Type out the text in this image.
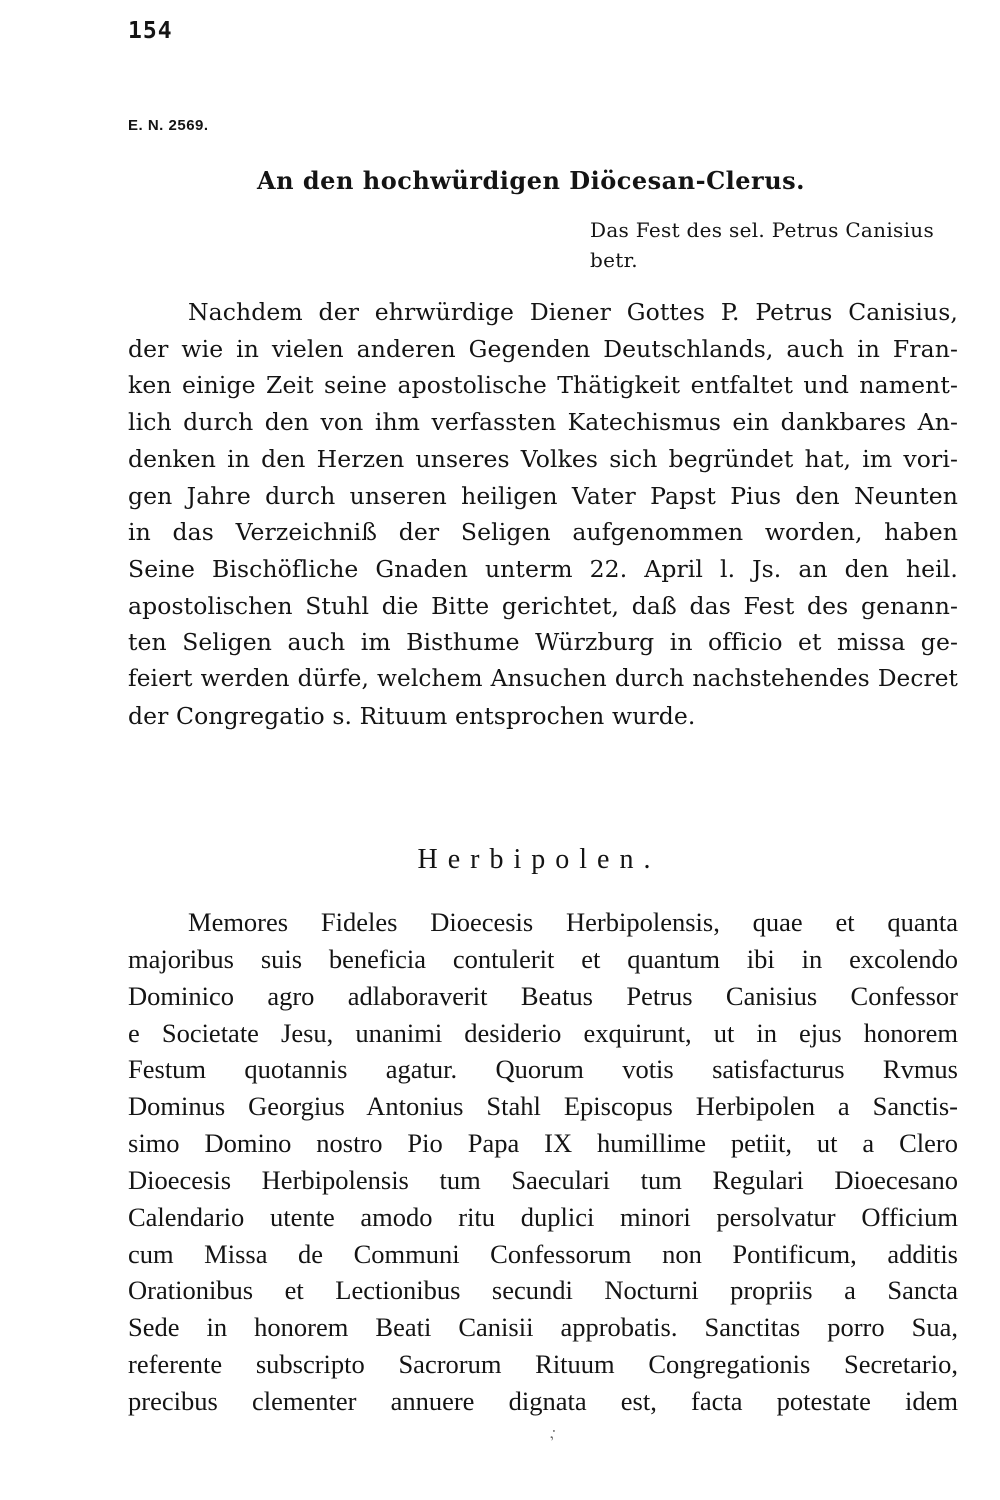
154
E. N. 2569.
An den hochwürdigen Diöcesan-Clerus.
Das Fest des sel. Petrus Canisius
betr.
Nachdem der ehrwürdige Diener Gottes P. Petrus Canisius,
der wie in vielen anderen Gegenden Deutschlands, auch in Fran-
ken einige Zeit seine apostolische Thätigkeit entfaltet und nament-
lich durch den von ihm verfassten Katechismus ein dankbares An-
denken in den Herzen unseres Volkes sich begründet hat, im vori-
gen Jahre durch unseren heiligen Vater Papst Pius den Neunten
in das Verzeichniß der Seligen aufgenommen worden, haben
Seine Bischöfliche Gnaden unterm 22. April l. Js. an den heil.
apostolischen Stuhl die Bitte gerichtet, daß das Fest des genann-
ten Seligen auch im Bisthume Würzburg in officio et missa ge-
feiert werden dürfe, welchem Ansuchen durch nachstehendes Decret
der Congregatio s. Rituum entsprochen wurde.
Herbipolen.
Memores Fideles Dioecesis Herbipolensis, quae et quanta
majoribus suis beneficia contulerit et quantum ibi in excolendo
Dominico agro adlaboraverit Beatus Petrus Canisius Confessor
e Societate Jesu, unanimi desiderio exquirunt, ut in ejus honorem
Festum quotannis agatur. Quorum votis satisfacturus Rvmus
Dominus Georgius Antonius Stahl Episcopus Herbipolen a Sanctis-
simo Domino nostro Pio Papa IX humillime petiit, ut a Clero
Dioecesis Herbipolensis tum Saeculari tum Regulari Dioecesano
Calendario utente amodo ritu duplici minori persolvatur Officium
cum Missa de Communi Confessorum non Pontificum, additis
Orationibus et Lectionibus secundi Nocturni propriis a Sancta
Sede in honorem Beati Canisii approbatis. Sanctitas porro Sua,
referente subscripto Sacrorum Rituum Congregationis Secretario,
precibus clementer annuere dignata est, facta potestate idem
,·
